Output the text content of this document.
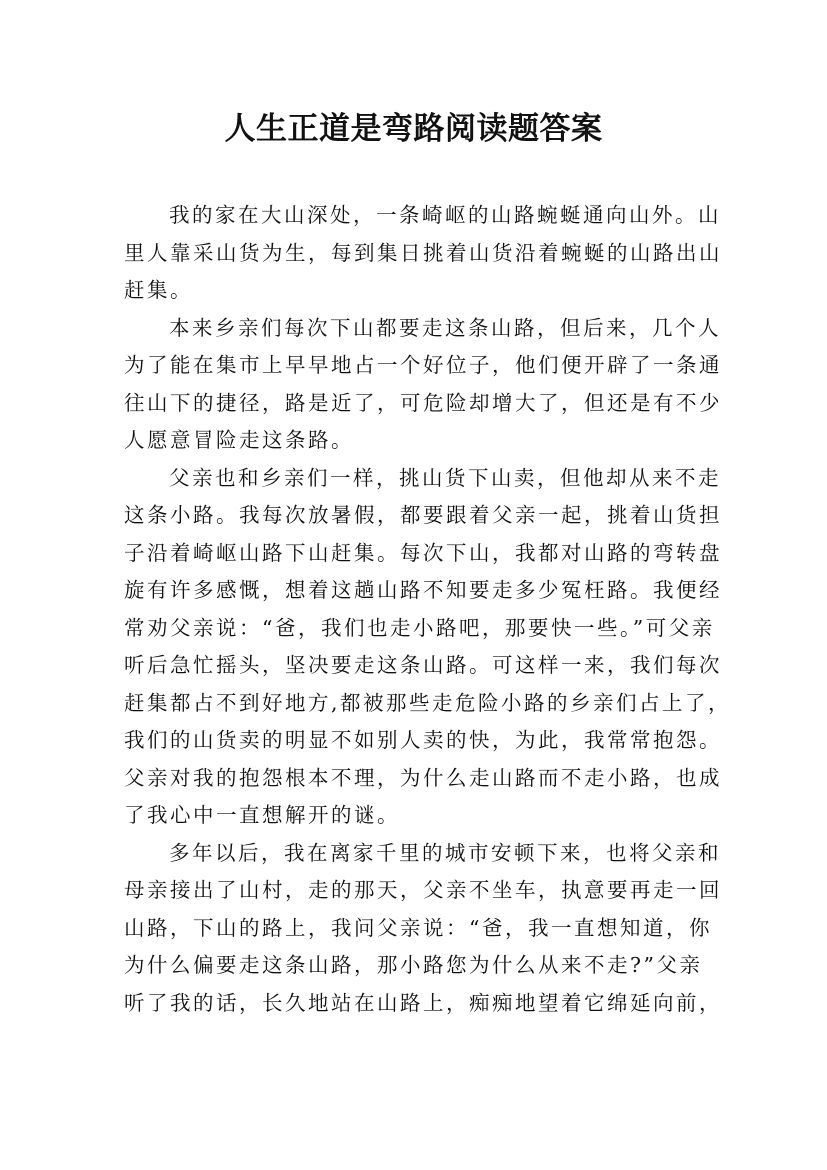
人生正道是弯路阅读题答案

我的家在大山深处，一条崎岖的山路蜿蜒通向山外。山
里人靠采山货为生，每到集日挑着山货沿着蜿蜒的山路出山
赶集。

本来乡亲们每次下山都要走这条山路，但后来，几个人
为了能在集市上早早地占一个好位子，他们便开辟了一条通
往山下的捷径，路是近了，可危险却增大了，但还是有不少
人愿意冒险走这条路。

父亲也和乡亲们一样，挑山货下山卖，但他却从来不走
这条小路。我每次放暑假，都要跟着父亲一起，挑着山货担
子沿着崎岖山路下山赶集。每次下山，我都对山路的弯转盘
旋有许多感慨，想着这趟山路不知要走多少冤枉路。我便经
常劝父亲说：“爸，我们也走小路吧，那要快一些。”可父亲
听后急忙摇头，坚决要走这条山路。可这样一来，我们每次
赶集都占不到好地方,都被那些走危险小路的乡亲们占上了，
我们的山货卖的明显不如别人卖的快，为此，我常常抱怨。
父亲对我的抱怨根本不理，为什么走山路而不走小路，也成
了我心中一直想解开的谜。

多年以后，我在离家千里的城市安顿下来，也将父亲和
母亲接出了山村，走的那天，父亲不坐车，执意要再走一回
山路，下山的路上，我问父亲说：“爸，我一直想知道，你
为什么偏要走这条山路，那小路您为什么从来不走?”父亲
听了我的话，长久地站在山路上，痴痴地望着它绵延向前，
